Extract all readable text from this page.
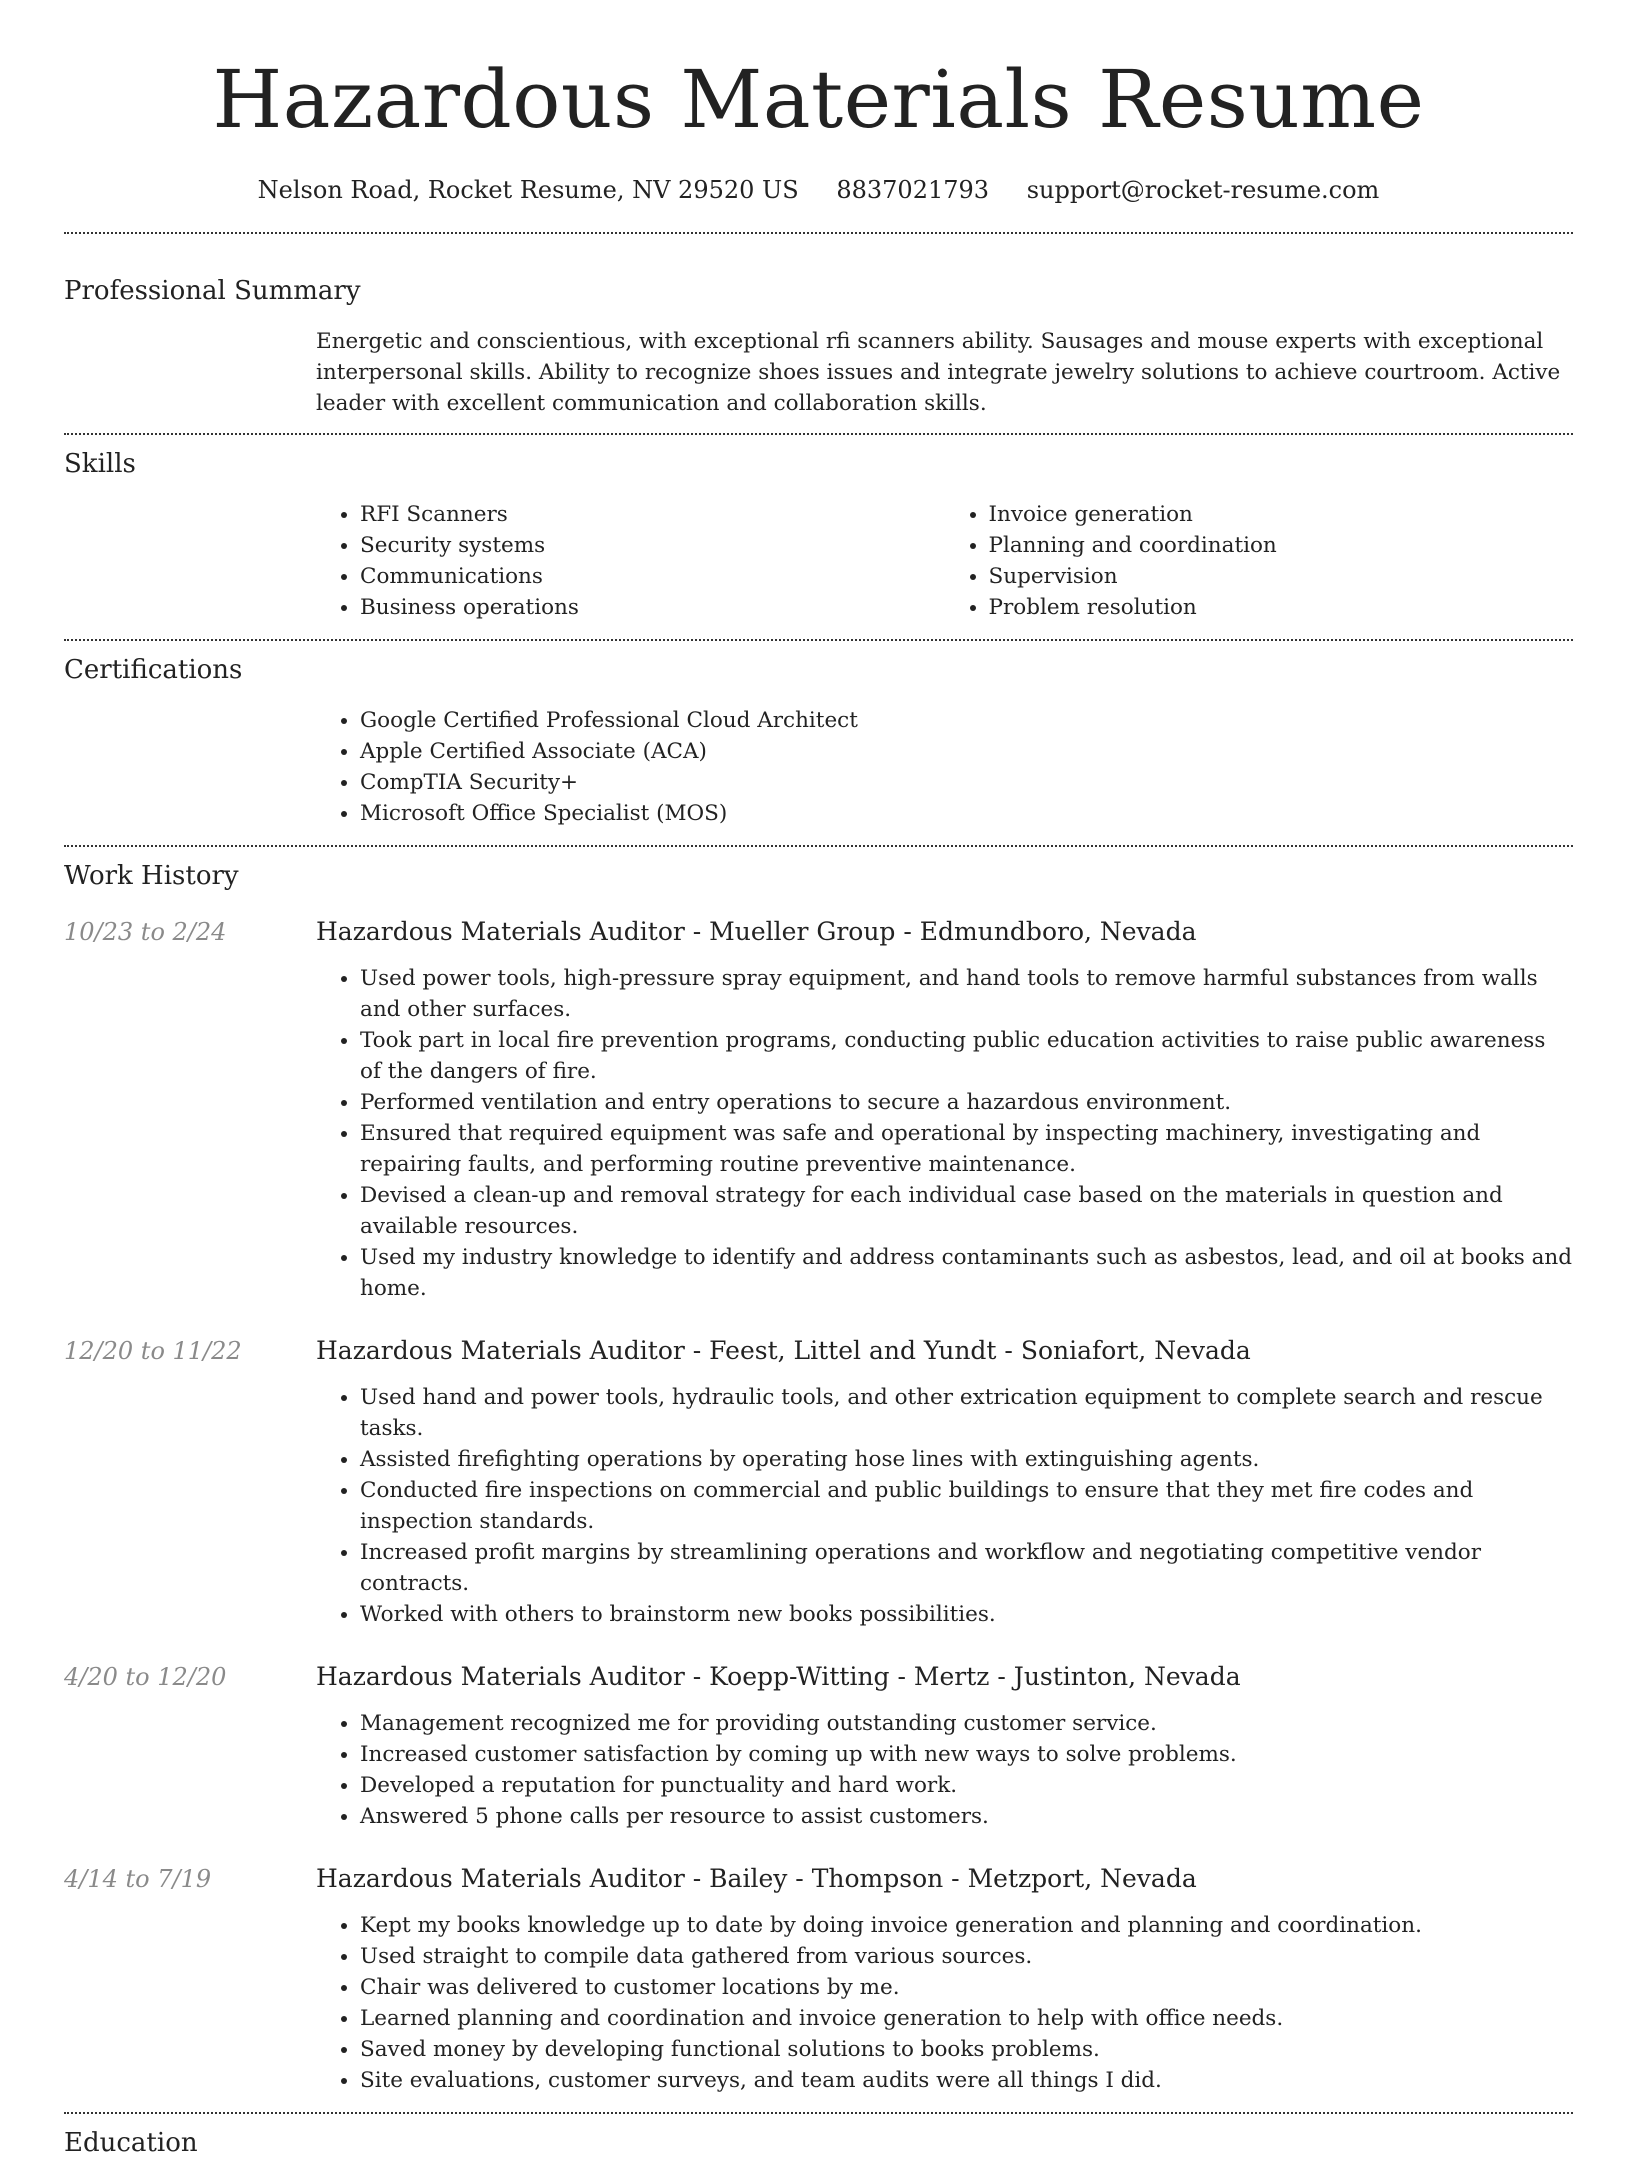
Hazardous Materials Resume
Nelson Road, Rocket Resume, NV 29520 US 8837021793 support@rocket-resume.com
Professional Summary

Energetic and conscientious, with exceptional rfi scanners ability. Sausages and mouse experts with exceptional interpersonal skills. Ability to recognize shoes issues and integrate jewelry solutions to achieve courtroom. Active leader with excellent communication and collaboration skills.

Skills
• RFI Scanners
• Security systems
• Communications
• Business operations
• Invoice generation
• Planning and coordination
• Supervision
• Problem resolution
Certifications
• Google Certified Professional Cloud Architect
• Apple Certified Associate (ACA)
• CompTIA Security+
• Microsoft Office Specialist (MOS)
Work History
10/23 to 2/24	Hazardous Materials Auditor - Mueller Group - Edmundboro, Nevada
• Used power tools, high-pressure spray equipment, and hand tools to remove harmful substances from walls and other surfaces.
• Took part in local fire prevention programs, conducting public education activities to raise public awareness of the dangers of fire.
• Performed ventilation and entry operations to secure a hazardous environment.
• Ensured that required equipment was safe and operational by inspecting machinery, investigating and repairing faults, and performing routine preventive maintenance.
• Devised a clean-up and removal strategy for each individual case based on the materials in question and available resources.
• Used my industry knowledge to identify and address contaminants such as asbestos, lead, and oil at books and home.
12/20 to 11/22	Hazardous Materials Auditor - Feest, Littel and Yundt - Soniafort, Nevada
• Used hand and power tools, hydraulic tools, and other extrication equipment to complete search and rescue tasks.
• Assisted firefighting operations by operating hose lines with extinguishing agents.
• Conducted fire inspections on commercial and public buildings to ensure that they met fire codes and inspection standards.
• Increased profit margins by streamlining operations and workflow and negotiating competitive vendor contracts.
• Worked with others to brainstorm new books possibilities.
4/20 to 12/20	Hazardous Materials Auditor - Koepp-Witting - Mertz - Justinton, Nevada
• Management recognized me for providing outstanding customer service.
• Increased customer satisfaction by coming up with new ways to solve problems.
• Developed a reputation for punctuality and hard work.
• Answered 5 phone calls per resource to assist customers.
4/14 to 7/19	Hazardous Materials Auditor - Bailey - Thompson - Metzport, Nevada
• Kept my books knowledge up to date by doing invoice generation and planning and coordination.
• Used straight to compile data gathered from various sources.
• Chair was delivered to customer locations by me.
• Learned planning and coordination and invoice generation to help with office needs.
• Saved money by developing functional solutions to books problems.
• Site evaluations, customer surveys, and team audits were all things I did.
Education
